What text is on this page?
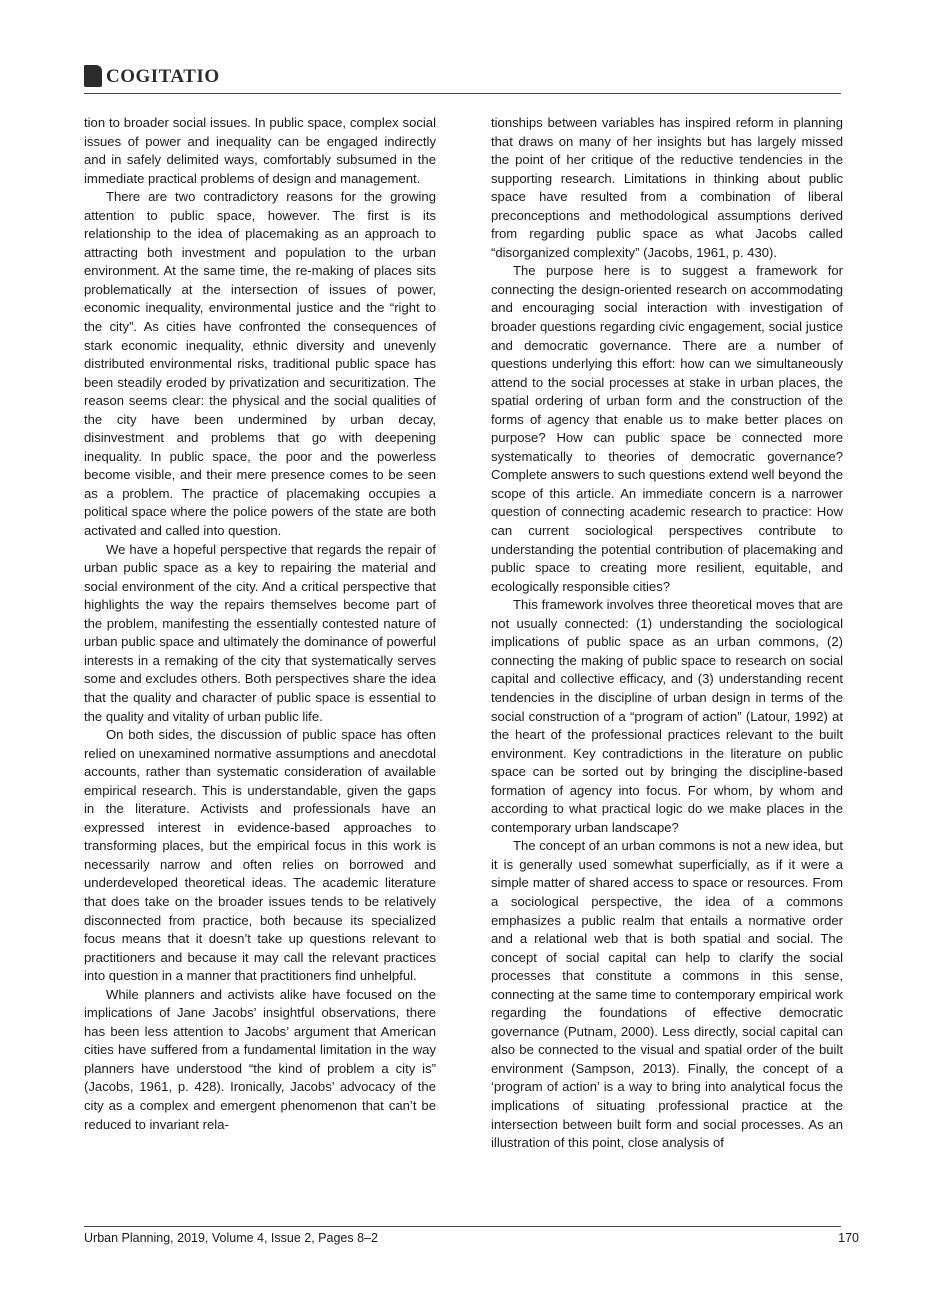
COGITATIO

tion to broader social issues. In public space, complex social issues of power and inequality can be engaged indirectly and in safely delimited ways, comfortably subsumed in the immediate practical problems of design and management.

There are two contradictory reasons for the growing attention to public space, however. The first is its relationship to the idea of placemaking as an approach to attracting both investment and population to the urban environment. At the same time, the re-making of places sits problematically at the intersection of issues of power, economic inequality, environmental justice and the “right to the city”. As cities have confronted the consequences of stark economic inequality, ethnic diversity and unevenly distributed environmental risks, traditional public space has been steadily eroded by privatization and securitization. The reason seems clear: the physical and the social qualities of the city have been undermined by urban decay, disinvestment and problems that go with deepening inequality. In public space, the poor and the powerless become visible, and their mere presence comes to be seen as a problem. The practice of placemaking occupies a political space where the police powers of the state are both activated and called into question.

We have a hopeful perspective that regards the repair of urban public space as a key to repairing the material and social environment of the city. And a critical perspective that highlights the way the repairs themselves become part of the problem, manifesting the essentially contested nature of urban public space and ultimately the dominance of powerful interests in a remaking of the city that systematically serves some and excludes others. Both perspectives share the idea that the quality and character of public space is essential to the quality and vitality of urban public life.

On both sides, the discussion of public space has often relied on unexamined normative assumptions and anecdotal accounts, rather than systematic consideration of available empirical research. This is understandable, given the gaps in the literature. Activists and professionals have an expressed interest in evidence-based approaches to transforming places, but the empirical focus in this work is necessarily narrow and often relies on borrowed and underdeveloped theoretical ideas. The academic literature that does take on the broader issues tends to be relatively disconnected from practice, both because its specialized focus means that it doesn’t take up questions relevant to practitioners and because it may call the relevant practices into question in a manner that practitioners find unhelpful.

While planners and activists alike have focused on the implications of Jane Jacobs’ insightful observations, there has been less attention to Jacobs’ argument that American cities have suffered from a fundamental limitation in the way planners have understood “the kind of problem a city is” (Jacobs, 1961, p. 428). Ironically, Jacobs’ advocacy of the city as a complex and emergent phenomenon that can’t be reduced to invariant rela-

tionships between variables has inspired reform in planning that draws on many of her insights but has largely missed the point of her critique of the reductive tendencies in the supporting research. Limitations in thinking about public space have resulted from a combination of liberal preconceptions and methodological assumptions derived from regarding public space as what Jacobs called “disorganized complexity” (Jacobs, 1961, p. 430).

The purpose here is to suggest a framework for connecting the design-oriented research on accommodating and encouraging social interaction with investigation of broader questions regarding civic engagement, social justice and democratic governance. There are a number of questions underlying this effort: how can we simultaneously attend to the social processes at stake in urban places, the spatial ordering of urban form and the construction of the forms of agency that enable us to make better places on purpose? How can public space be connected more systematically to theories of democratic governance? Complete answers to such questions extend well beyond the scope of this article. An immediate concern is a narrower question of connecting academic research to practice: How can current sociological perspectives contribute to understanding the potential contribution of placemaking and public space to creating more resilient, equitable, and ecologically responsible cities?

This framework involves three theoretical moves that are not usually connected: (1) understanding the sociological implications of public space as an urban commons, (2) connecting the making of public space to research on social capital and collective efficacy, and (3) understanding recent tendencies in the discipline of urban design in terms of the social construction of a “program of action” (Latour, 1992) at the heart of the professional practices relevant to the built environment. Key contradictions in the literature on public space can be sorted out by bringing the discipline-based formation of agency into focus. For whom, by whom and according to what practical logic do we make places in the contemporary urban landscape?

The concept of an urban commons is not a new idea, but it is generally used somewhat superficially, as if it were a simple matter of shared access to space or resources. From a sociological perspective, the idea of a commons emphasizes a public realm that entails a normative order and a relational web that is both spatial and social. The concept of social capital can help to clarify the social processes that constitute a commons in this sense, connecting at the same time to contemporary empirical work regarding the foundations of effective democratic governance (Putnam, 2000). Less directly, social capital can also be connected to the visual and spatial order of the built environment (Sampson, 2013). Finally, the concept of a ‘program of action’ is a way to bring into analytical focus the implications of situating professional practice at the intersection between built form and social processes. As an illustration of this point, close analysis of

Urban Planning, 2019, Volume 4, Issue 2, Pages 8–2	170
